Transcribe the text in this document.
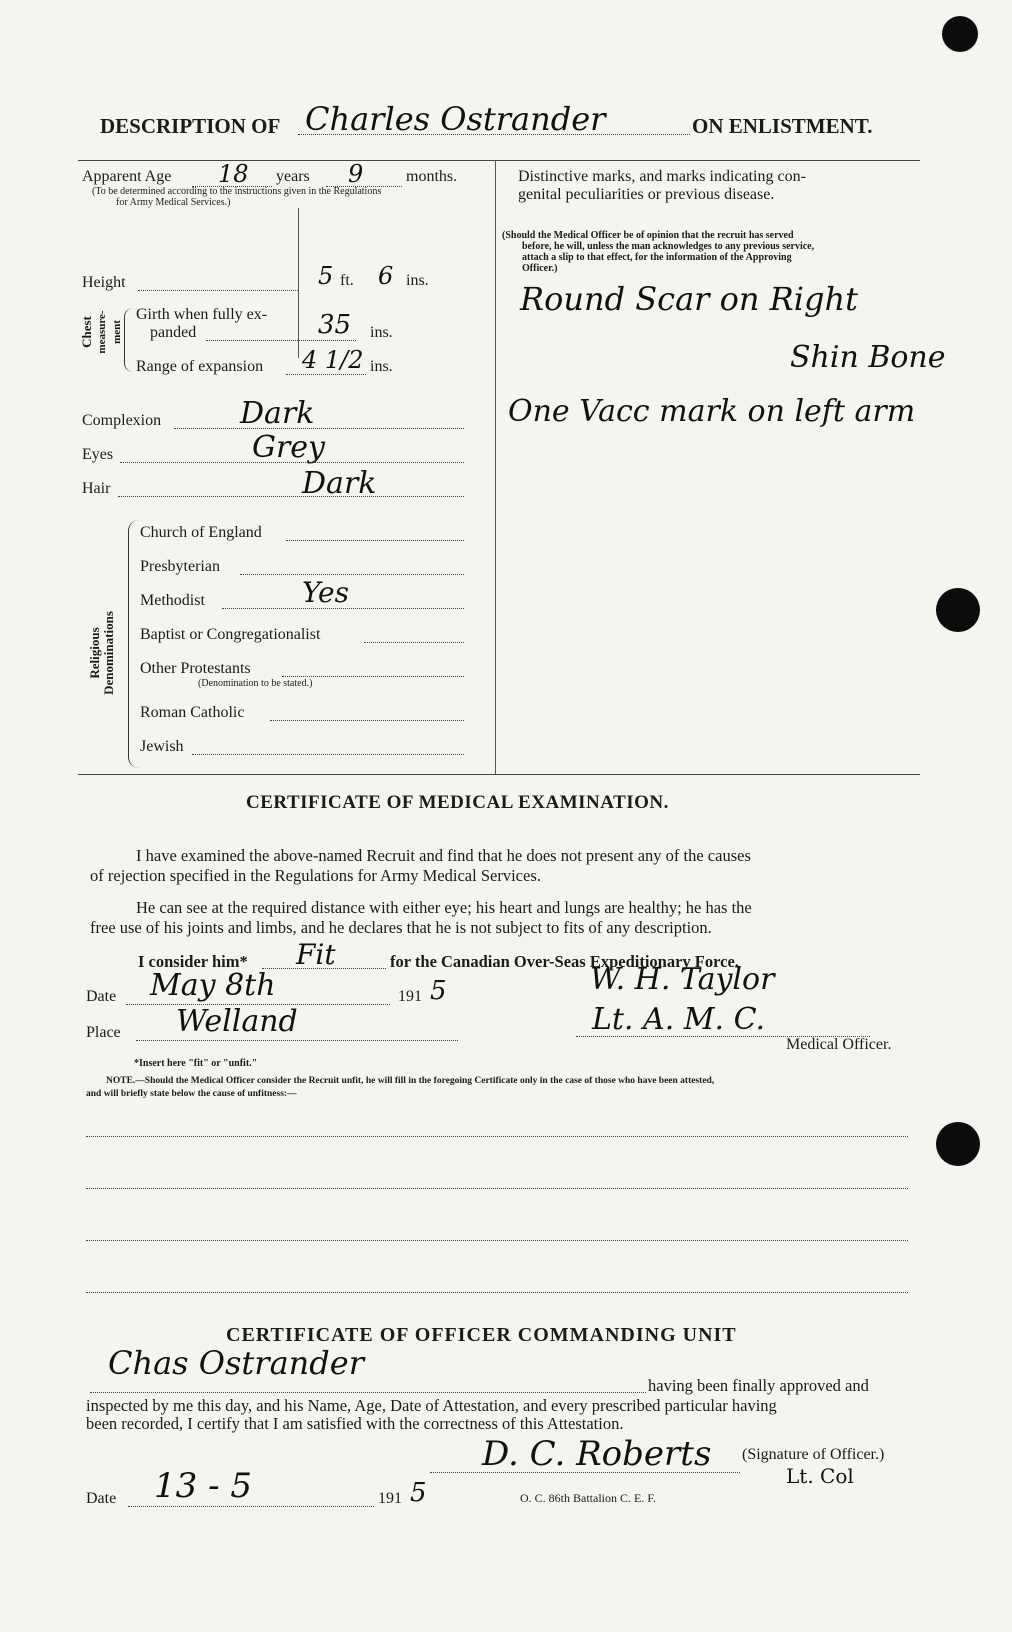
DESCRIPTION OF Charles Ostrander	ON ENLISTMENT.
Apparent Age 18 years 9	months.
(To be determined according to the instructions given in the Regulations
for Army Medical Services.)
Height	5 ft. 6 ins.
Chest measure-ment
Girth when fully ex-
panded	35 ins.
Range of expansion 4 1/2 ins.
Complexion	Dark
Eyes	Grey
Hair	Dark
Religious
Denominations
Church of England
Presbyterian
Methodist	Yes
Baptist or Congregationalist
Other Protestants
(Denomination to be stated.)
Roman Catholic
Jewish
Distinctive marks, and marks indicating con-
genital peculiarities or previous disease.
(Should the Medical Officer be of opinion that the recruit has served
before, he will, unless the man acknowledges to any previous service,
attach a slip to that effect, for the information of the Approving
Officer.)
Round Scar on Right
Shin Bone
One Vacc mark on left arm
CERTIFICATE OF MEDICAL EXAMINATION.
I have examined the above-named Recruit and find that he does not present any of the causes
of rejection specified in the Regulations for Army Medical Services.
He can see at the required distance with either eye; his heart and lungs are healthy; he has the
free use of his joints and limbs, and he declares that he is not subject to fits of any description.
I consider him* Fit	for the Canadian Over-Seas Expeditionary Force.
Date May 8th	191 5	W. H. Taylor
Place Welland	Lt. A. M. C.
Medical Officer.
*Insert here "fit" or "unfit."
NOTE.—Should the Medical Officer consider the Recruit unfit, he will fill in the foregoing Certificate only in the case of those who have been attested,
and will briefly state below the cause of unfitness:—
CERTIFICATE OF OFFICER COMMANDING UNIT
Chas Ostrander
having been finally approved and
inspected by me this day, and his Name, Age, Date of Attestation, and every prescribed particular having
been recorded, I certify that I am satisfied with the correctness of this Attestation.
D. C. Roberts (Signature of Officer.)
Lt. Col
O. C. 86th Battalion C. E. F.
Date 13 - 5	191 5
